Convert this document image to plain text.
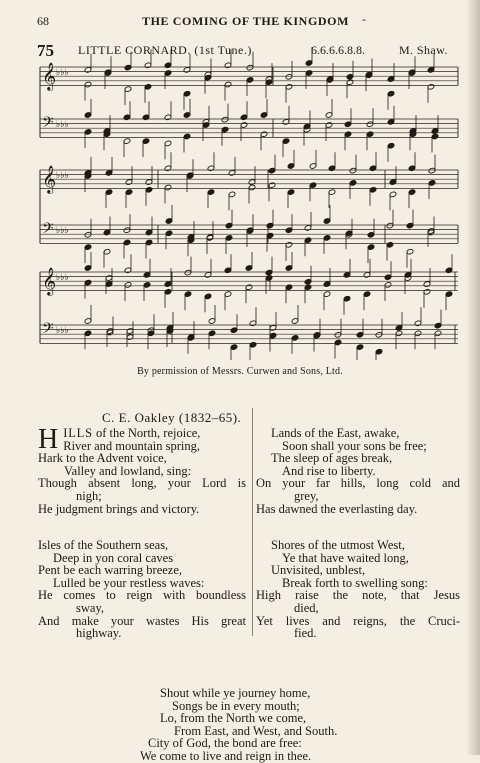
68	THE COMING OF THE KINGDOM -
75 LITTLE CORNARD. (1st Tune.)	6.6.6.6.8.8.	M. Shaw.
𝄞 ♭♭♭
𝄢 ♭♭♭
𝄞 ♭♭♭
𝄢 ♭♭♭
𝄞 ♭♭♭
𝄢 ♭♭♭
By permission of Messrs. Curwen and Sons, Ltd.
C. E. Oakley (1832–65).
HILLS of the North, rejoice,
River and mountain spring,
Hark to the Advent voice,
Valley and lowland, sing:
Though absent long, your Lord is
nigh;
He judgment brings and victory.
Lands of the East, awake,
Soon shall your sons be free;
The sleep of ages break,
And rise to liberty.
On your far hills, long cold and
grey,
Has dawned the everlasting day.
Isles of the Southern seas,
Deep in yon coral caves
Pent be each warring breeze,
Lulled be your restless waves:
He comes to reign with boundless
sway,
And make your wastes His great
highway.
Shores of the utmost West,
Ye that have waited long,
Unvisited, unblest,
Break forth to swelling song:
High raise the note, that Jesus
died,
Yet lives and reigns, the Cruci-
fied.
Shout while ye journey home,
Songs be in every mouth;
Lo, from the North we come,
From East, and West, and South.
City of God, the bond are free:
We come to live and reign in thee.
